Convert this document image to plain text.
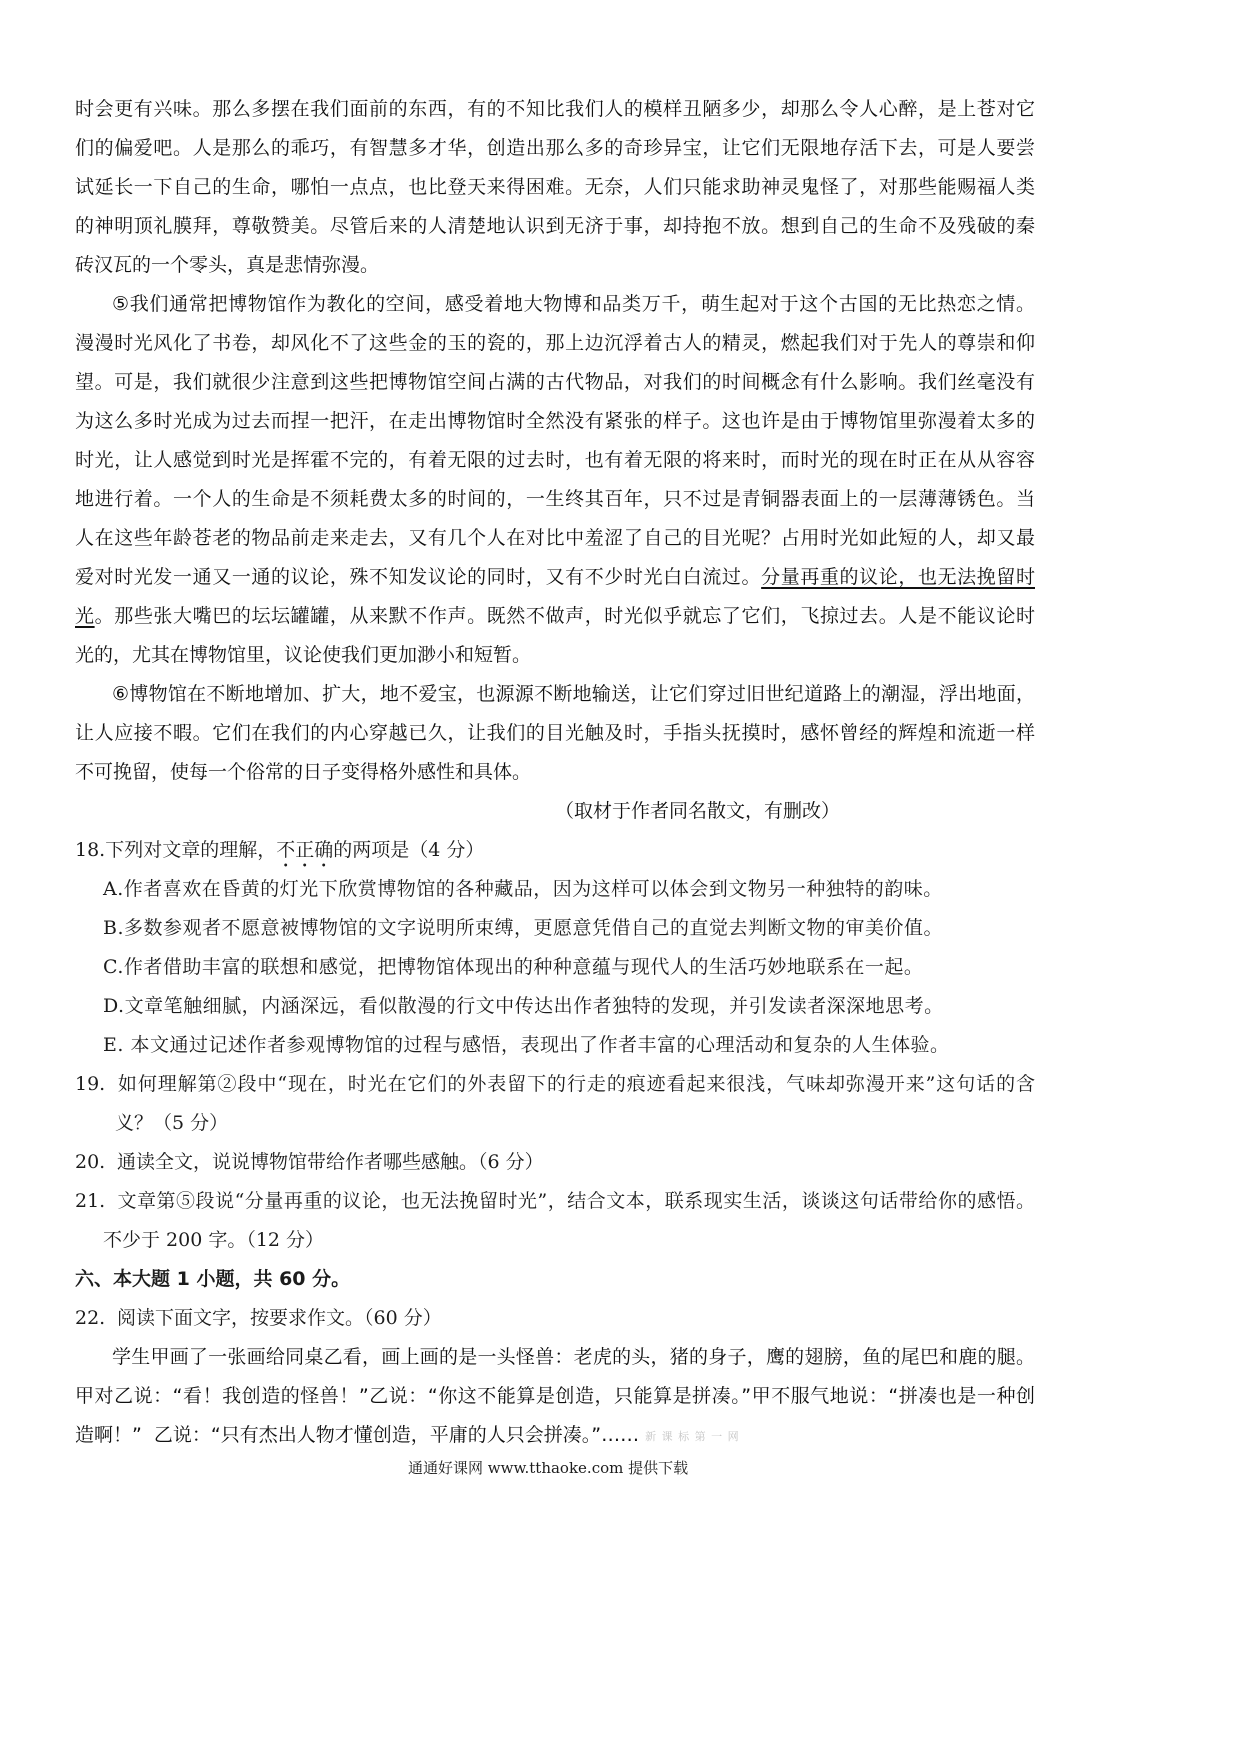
时会更有兴味。那么多摆在我们面前的东西，有的不知比我们人的模样丑陋多少，却那么令人心醉，是上苍对它
们的偏爱吧。人是那么的乖巧，有智慧多才华，创造出那么多的奇珍异宝，让它们无限地存活下去，可是人要尝
试延长一下自己的生命，哪怕一点点，也比登天来得困难。无奈，人们只能求助神灵鬼怪了，对那些能赐福人类
的神明顶礼膜拜，尊敬赞美。尽管后来的人清楚地认识到无济于事，却持抱不放。想到自己的生命不及残破的秦
砖汉瓦的一个零头，真是悲情弥漫。
⑤我们通常把博物馆作为教化的空间，感受着地大物博和品类万千，萌生起对于这个古国的无比热恋之情。
漫漫时光风化了书卷，却风化不了这些金的玉的瓷的，那上边沉浮着古人的精灵，燃起我们对于先人的尊崇和仰
望。可是，我们就很少注意到这些把博物馆空间占满的古代物品，对我们的时间概念有什么影响。我们丝毫没有
为这么多时光成为过去而捏一把汗，在走出博物馆时全然没有紧张的样子。这也许是由于博物馆里弥漫着太多的
时光，让人感觉到时光是挥霍不完的，有着无限的过去时，也有着无限的将来时，而时光的现在时正在从从容容
地进行着。一个人的生命是不须耗费太多的时间的，一生终其百年，只不过是青铜器表面上的一层薄薄锈色。当
人在这些年龄苍老的物品前走来走去，又有几个人在对比中羞涩了自己的目光呢？占用时光如此短的人，却又最
爱对时光发一通又一通的议论，殊不知发议论的同时，又有不少时光白白流过。分量再重的议论，也无法挽留时
光。那些张大嘴巴的坛坛罐罐，从来默不作声。既然不做声，时光似乎就忘了它们，飞掠过去。人是不能议论时
光的，尤其在博物馆里，议论使我们更加渺小和短暂。
⑥博物馆在不断地增加、扩大，地不爱宝，也源源不断地输送，让它们穿过旧世纪道路上的潮湿，浮出地面，
让人应接不暇。它们在我们的内心穿越已久，让我们的目光触及时，手指头抚摸时，感怀曾经的辉煌和流逝一样
不可挽留，使每一个俗常的日子变得格外感性和具体。
（取材于作者同名散文，有删改）
18.下列对文章的理解，不正确的两项是（4 分）
A.作者喜欢在昏黄的灯光下欣赏博物馆的各种藏品，因为这样可以体会到文物另一种独特的韵味。
B.多数参观者不愿意被博物馆的文字说明所束缚，更愿意凭借自己的直觉去判断文物的审美价值。
C.作者借助丰富的联想和感觉，把博物馆体现出的种种意蕴与现代人的生活巧妙地联系在一起。
D.文章笔触细腻，内涵深远，看似散漫的行文中传达出作者独特的发现，并引发读者深深地思考。
E. 本文通过记述作者参观博物馆的过程与感悟，表现出了作者丰富的心理活动和复杂的人生体验。
19. 如何理解第②段中“现在，时光在它们的外表留下的行走的痕迹看起来很浅，气味却弥漫开来”这句话的含
义？（5 分）
20. 通读全文，说说博物馆带给作者哪些感触。（6 分）
21. 文章第⑤段说“分量再重的议论，也无法挽留时光”，结合文本，联系现实生活，谈谈这句话带给你的感悟。
不少于 200 字。（12 分）
六、本大题 1 小题，共 60 分。
22. 阅读下面文字，按要求作文。（60 分）
学生甲画了一张画给同桌乙看，画上画的是一头怪兽：老虎的头，猪的身子，鹰的翅膀，鱼的尾巴和鹿的腿。
甲对乙说：“看！我创造的怪兽！”乙说：“你这不能算是创造，只能算是拼凑。”甲不服气地说：“拼凑也是一种创
造啊！”  乙说：“只有杰出人物才懂创造，平庸的人只会拼凑。”…… 新 课 标 第 一 网
通通好课网 www.tthaoke.com 提供下载
